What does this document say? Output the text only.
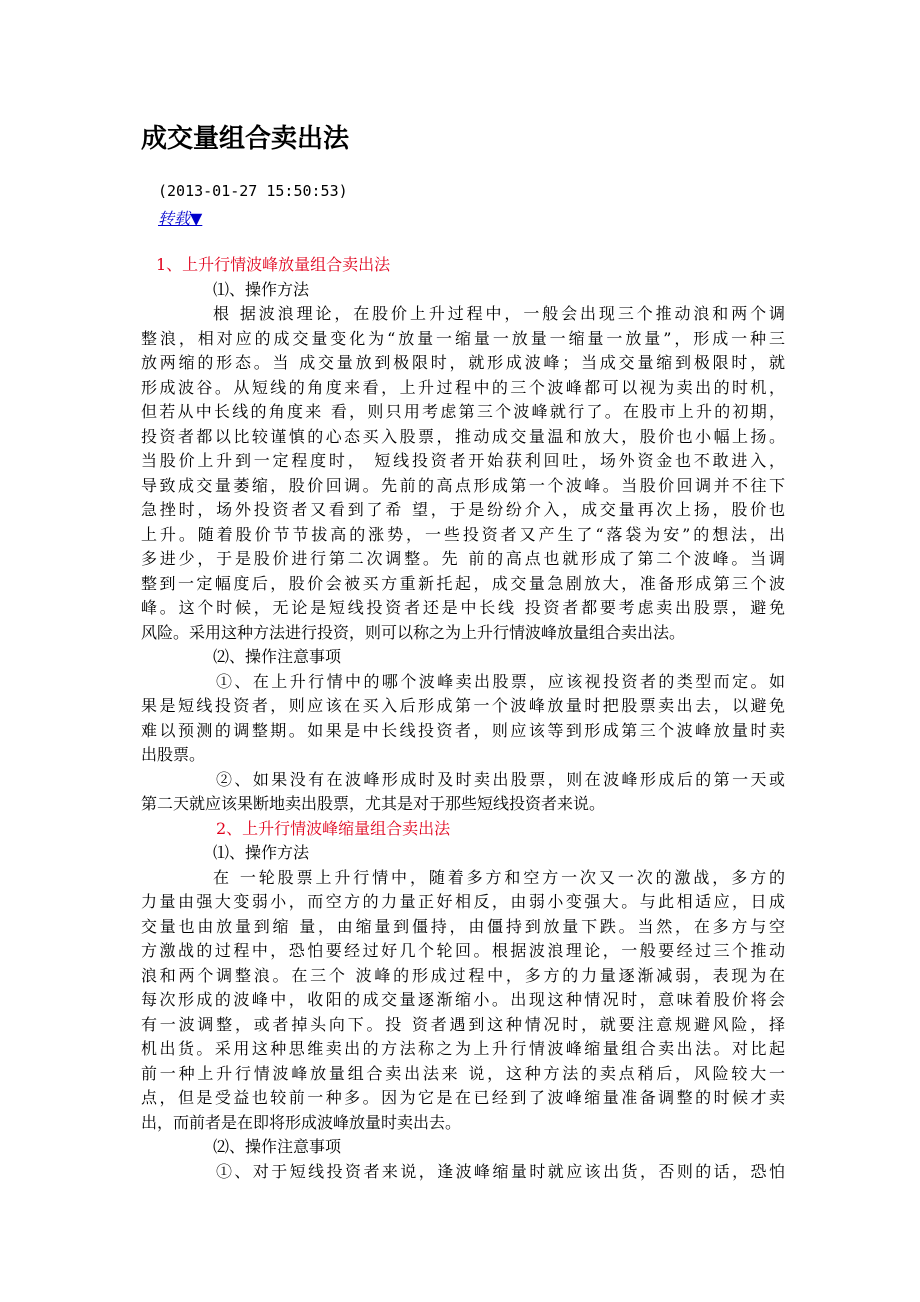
成交量组合卖出法
(2013-01-27 15:50:53)
转载▼
1、上升行情波峰放量组合卖出法
⑴、操作方法
根 据波浪理论，在股价上升过程中，一般会出现三个推动浪和两个调
整浪，相对应的成交量变化为“放量一缩量一放量一缩量一放量”，形成一种三
放两缩的形态。当 成交量放到极限时，就形成波峰；当成交量缩到极限时，就
形成波谷。从短线的角度来看，上升过程中的三个波峰都可以视为卖出的时机，
但若从中长线的角度来 看，则只用考虑第三个波峰就行了。在股市上升的初期，
投资者都以比较谨慎的心态买入股票，推动成交量温和放大，股价也小幅上扬。
当股价上升到一定程度时， 短线投资者开始获利回吐，场外资金也不敢进入，
导致成交量萎缩，股价回调。先前的高点形成第一个波峰。当股价回调并不往下
急挫时，场外投资者又看到了希 望，于是纷纷介入，成交量再次上扬，股价也
上升。随着股价节节拔高的涨势，一些投资者又产生了“落袋为安”的想法，出
多进少，于是股价进行第二次调整。先 前的高点也就形成了第二个波峰。当调
整到一定幅度后，股价会被买方重新托起，成交量急剧放大，准备形成第三个波
峰。这个时候，无论是短线投资者还是中长线 投资者都要考虑卖出股票，避免
风险。采用这种方法进行投资，则可以称之为上升行情波峰放量组合卖出法。
⑵、操作注意事项
①、在上升行情中的哪个波峰卖出股票，应该视投资者的类型而定。如
果是短线投资者，则应该在买入后形成第一个波峰放量时把股票卖出去，以避免
难以预测的调整期。如果是中长线投资者，则应该等到形成第三个波峰放量时卖
出股票。
②、如果没有在波峰形成时及时卖出股票，则在波峰形成后的第一天或
第二天就应该果断地卖出股票，尤其是对于那些短线投资者来说。
2、上升行情波峰缩量组合卖出法
⑴、操作方法
在 一轮股票上升行情中，随着多方和空方一次又一次的激战，多方的
力量由强大变弱小，而空方的力量正好相反，由弱小变强大。与此相适应，日成
交量也由放量到缩 量，由缩量到僵持，由僵持到放量下跌。当然，在多方与空
方激战的过程中，恐怕要经过好几个轮回。根据波浪理论，一般要经过三个推动
浪和两个调整浪。在三个 波峰的形成过程中，多方的力量逐渐减弱，表现为在
每次形成的波峰中，收阳的成交量逐渐缩小。出现这种情况时，意味着股价将会
有一波调整，或者掉头向下。投 资者遇到这种情况时，就要注意规避风险，择
机出货。采用这种思维卖出的方法称之为上升行情波峰缩量组合卖出法。对比起
前一种上升行情波峰放量组合卖出法来 说，这种方法的卖点稍后，风险较大一
点，但是受益也较前一种多。因为它是在已经到了波峰缩量准备调整的时候才卖
出，而前者是在即将形成波峰放量时卖出去。
⑵、操作注意事项
①、对于短线投资者来说，逢波峰缩量时就应该出货，否则的话，恐怕
